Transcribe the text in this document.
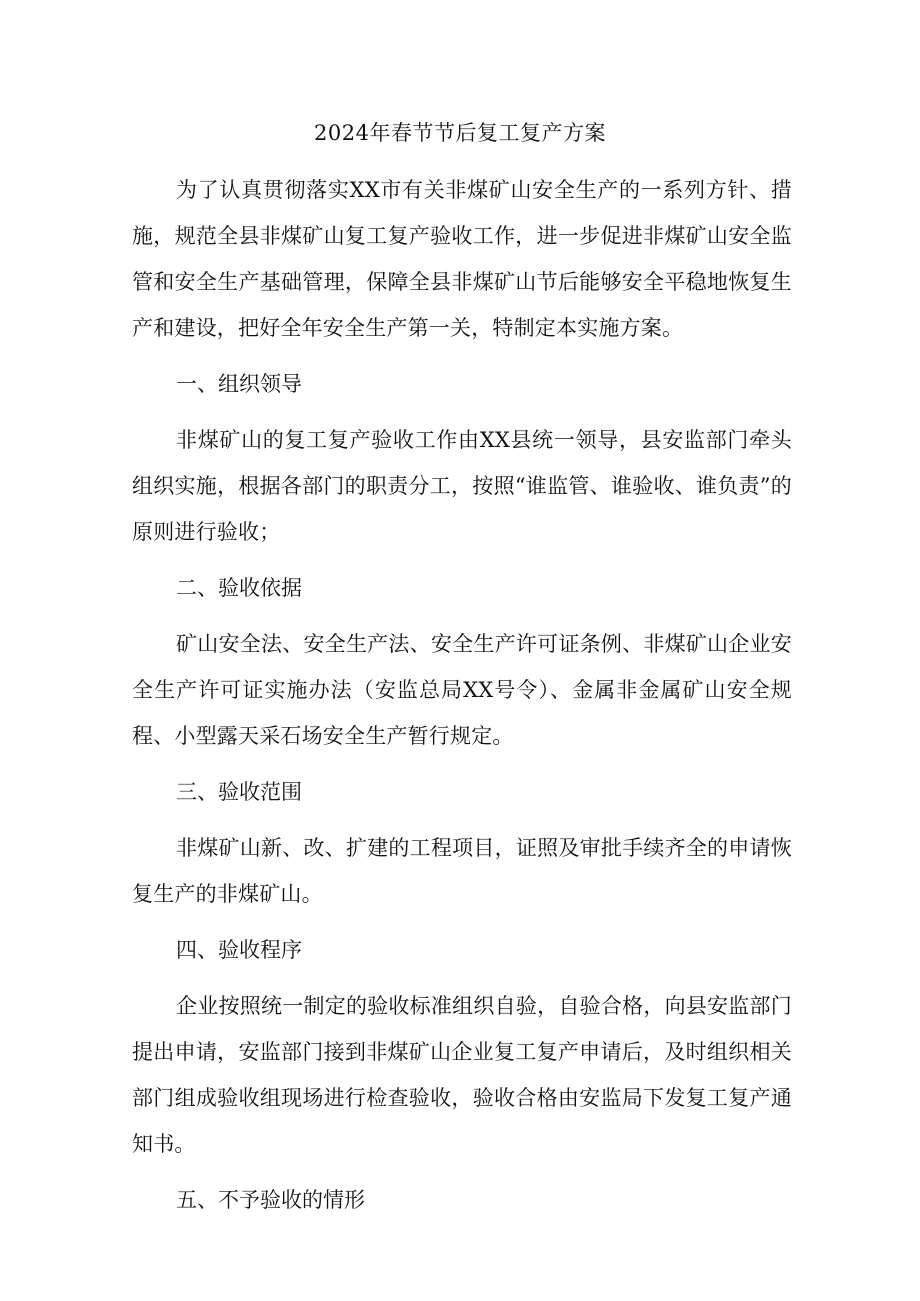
2024年春节节后复工复产方案

为了认真贯彻落实XX市有关非煤矿山安全生产的一系列方针、措施，规范全县非煤矿山复工复产验收工作，进一步促进非煤矿山安全监管和安全生产基础管理，保障全县非煤矿山节后能够安全平稳地恢复生产和建设，把好全年安全生产第一关，特制定本实施方案。

一、组织领导

非煤矿山的复工复产验收工作由XX县统一领导，县安监部门牵头组织实施，根据各部门的职责分工，按照“谁监管、谁验收、谁负责”的原则进行验收；

二、验收依据

矿山安全法、安全生产法、安全生产许可证条例、非煤矿山企业安全生产许可证实施办法（安监总局XX号令）、金属非金属矿山安全规程、小型露天采石场安全生产暂行规定。

三、验收范围

非煤矿山新、改、扩建的工程项目，证照及审批手续齐全的申请恢复生产的非煤矿山。

四、验收程序

企业按照统一制定的验收标准组织自验，自验合格，向县安监部门提出申请，安监部门接到非煤矿山企业复工复产申请后，及时组织相关部门组成验收组现场进行检查验收，验收合格由安监局下发复工复产通知书。

五、不予验收的情形
